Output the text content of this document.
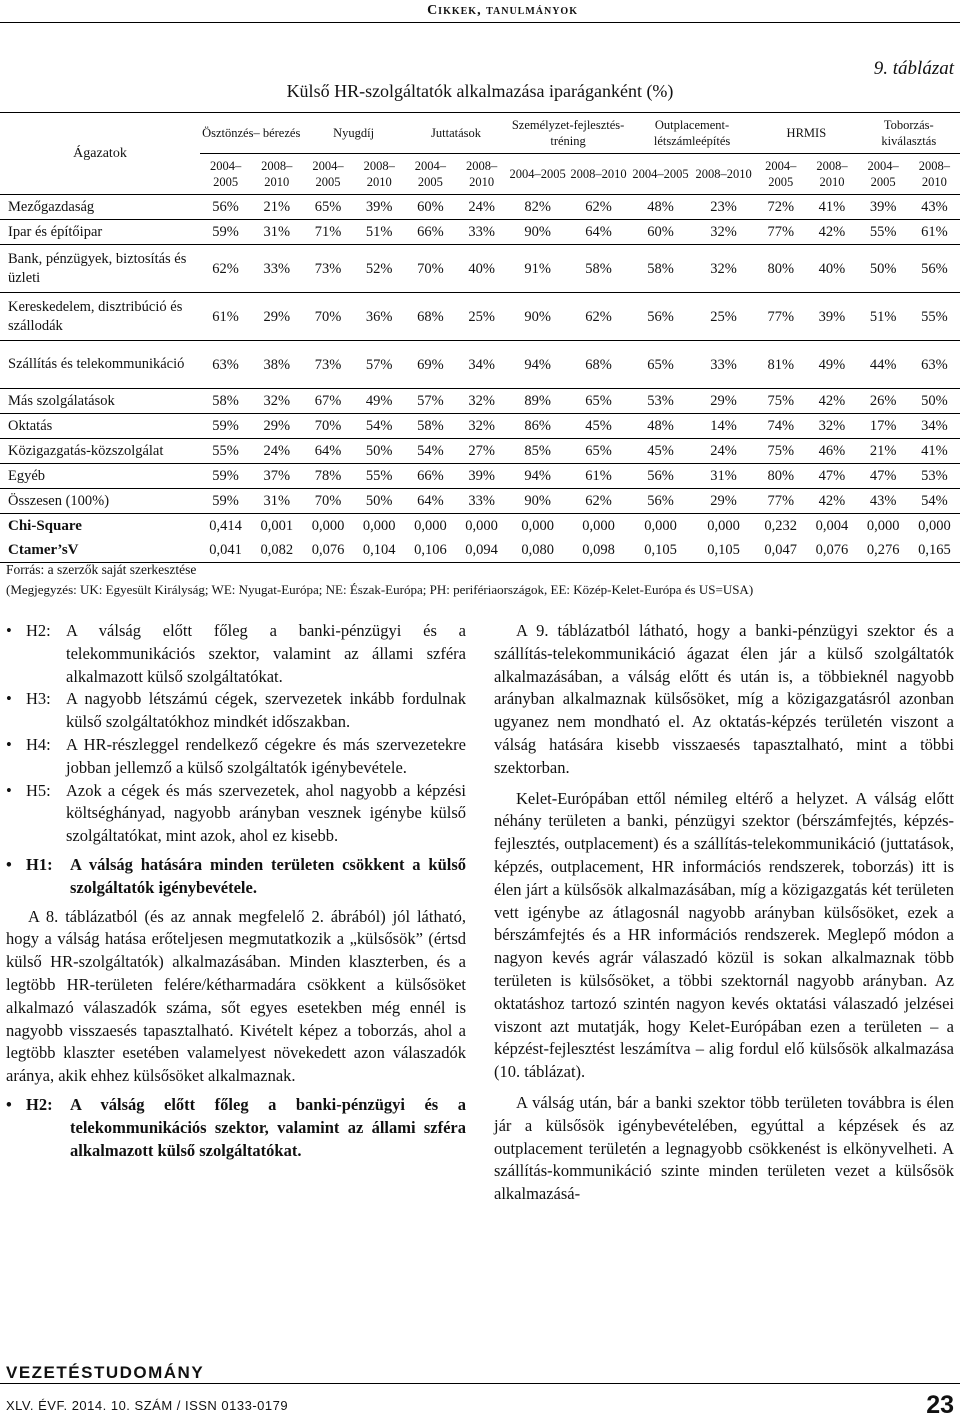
Cikkek, tanulmányok
9. táblázat
Külső HR-szolgáltatók alkalmazása iparáganként (%)
Ágazatok	Ösztönzés– bérezés		Nyugdíj		Juttatások		Személyzet-fejlesztés-tréning		Outplacement-létszámleépítés		HRMIS		Toborzás-kiválasztás	
	2004–2005	2008–2010	2004–2005	2008–2010	2004–2005	2008–2010	2004–2005	2008–2010	2004–2005	2008–2010	2004–2005	2008–2010	2004–2005	2008–2010
Mezőgazdaság	56%	21%	65%	39%	60%	24%	82%	62%	48%	23%	72%	41%	39%	43%
Ipar és építőipar	59%	31%	71%	51%	66%	33%	90%	64%	60%	32%	77%	42%	55%	61%
Bank, pénzügyek, biztosítás és üzleti	62%	33%	73%	52%	70%	40%	91%	58%	58%	32%	80%	40%	50%	56%
Kereskedelem, disztribúció és szállodák	61%	29%	70%	36%	68%	25%	90%	62%	56%	25%	77%	39%	51%	55%
Szállítás és telekommunikáció	63%	38%	73%	57%	69%	34%	94%	68%	65%	33%	81%	49%	44%	63%
Más szolgálatások	58%	32%	67%	49%	57%	32%	89%	65%	53%	29%	75%	42%	26%	50%
Oktatás	59%	29%	70%	54%	58%	32%	86%	45%	48%	14%	74%	32%	17%	34%
Közigazgatás-közszolgálat	55%	24%	64%	50%	54%	27%	85%	65%	45%	24%	75%	46%	21%	41%
Egyéb	59%	37%	78%	55%	66%	39%	94%	61%	56%	31%	80%	47%	47%	53%
Összesen (100%)	59%	31%	70%	50%	64%	33%	90%	62%	56%	29%	77%	42%	43%	54%
Chi-Square	0,414	0,001	0,000	0,000	0,000	0,000	0,000	0,000	0,000	0,000	0,232	0,004	0,000	0,000
Ctamer’sV	0,041	0,082	0,076	0,104	0,106	0,094	0,080	0,098	0,105	0,105	0,047	0,076	0,276	0,165
Forrás: a szerzők saját szerkesztése
(Megjegyzés: UK: Egyesült Királyság; WE: Nyugat-Európa; NE: Észak-Európa; PH: perifériaországok, EE: Közép-Kelet-Európa és US=USA)
• H2: A válság előtt főleg a banki-pénzügyi és a telekommunikációs szektor, valamint az állami szféra alkalmazott külső szolgáltatókat.
• H3: A nagyobb létszámú cégek, szervezetek inkább fordulnak külső szolgáltatókhoz mindkét időszakban.
• H4: A HR-részleggel rendelkező cégekre és más szervezetekre jobban jellemző a külső szolgáltatók igénybevétele.
• H5: Azok a cégek és más szervezetek, ahol nagyobb a képzési költséghányad, nagyobb arányban vesznek igénybe külső szolgáltatókat, mint azok, ahol ez kisebb.
• H1:	A válság hatására minden területen csökkent a külső szolgáltatók igénybevétele.

A 8. táblázatból (és az annak megfelelő 2. ábrából) jól látható, hogy a válság hatása erőteljesen megmutatkozik a „külsősök” (értsd külső HR-szolgáltatók) alkalmazásában. Minden klaszterben, és a legtöbb HR-területen felére/kétharmadára csökkent a külsősöket alkalmazó válaszadók száma, sőt egyes esetekben még ennél is nagyobb visszaesés tapasztalható. Kivételt képez a toborzás, ahol a legtöbb klaszter esetében valamelyest növekedett azon válaszadók aránya, akik ehhez külsősöket alkalmaznak.

• H2:	A válság előtt főleg a banki-pénzügyi és a telekommunikációs szektor, valamint az állami szféra alkalmazott külső szolgáltatókat.

A 9. táblázatból látható, hogy a banki-pénzügyi szektor és a szállítás-telekommunikáció ágazat élen jár a külső szolgáltatók alkalmazásában, a válság előtt és után is, a többieknél nagyobb arányban alkalmaznak külsősöket, míg a közigazgatásról azonban ugyanez nem mondható el. Az oktatás-képzés területén viszont a válság hatására kisebb visszaesés tapasztalható, mint a többi szektorban.

Kelet-Európában ettől némileg eltérő a helyzet. A válság előtt néhány területen a banki, pénzügyi szektor (bérszámfejtés, képzés-fejlesztés, outplacement) és a szállítás-telekommunikáció (juttatások, képzés, outplacement, HR információs rendszerek, toborzás) itt is élen járt a külsősök alkalmazásában, míg a közigazgatás két területen vett igénybe az átlagosnál nagyobb arányban külsősöket, ezek a bérszámfejtés és a HR információs rendszerek. Meglepő módon a nagyon kevés agrár válaszadó közül is sokan alkalmaznak több területen is külsősöket, a többi szektornál nagyobb arányban. Az oktatáshoz tartozó szintén nagyon kevés oktatási válaszadó jelzései viszont azt mutatják, hogy Kelet-Európában ezen a területen – a képzést-fejlesztést leszámítva – alig fordul elő külsősök alkalmazása (10. táblázat).

A válság után, bár a banki szektor több területen továbbra is élen jár a külsősök igénybevételében, egyúttal a képzések és az outplacement területén a legnagyobb csökkenést is elkönyvelheti. A szállítás-kommunikáció szinte minden területen vezet a külsősök alkalmazásá-

VEZETÉSTUDOMÁNY
XLV. ÉVF. 2014. 10. SZÁM / ISSN 0133-0179	23
